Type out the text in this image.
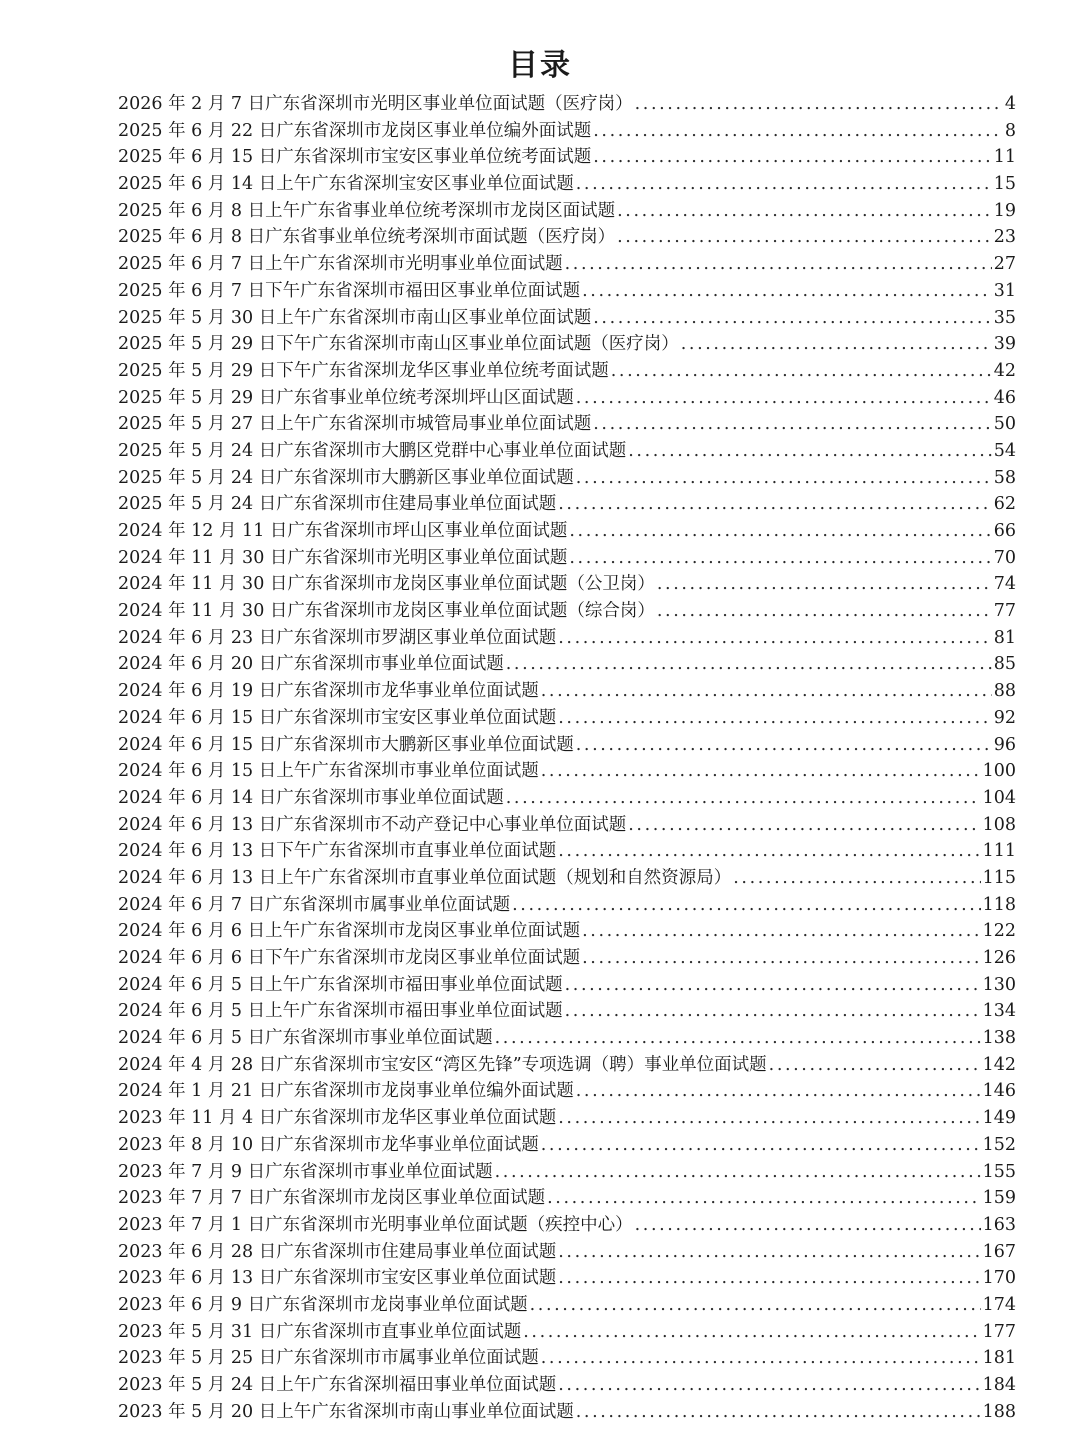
目录
2026 年 2 月 7 日广东省深圳市光明区事业单位面试题（医疗岗） .....	4
2025 年 6 月 22 日广东省深圳市龙岗区事业单位编外面试题 .....	8
2025 年 6 月 15 日广东省深圳市宝安区事业单位统考面试题 .....	11
2025 年 6 月 14 日上午广东省深圳宝安区事业单位面试题 .....	15
2025 年 6 月 8 日上午广东省事业单位统考深圳市龙岗区面试题 .....	19
2025 年 6 月 8 日广东省事业单位统考深圳市面试题（医疗岗） .....	23
2025 年 6 月 7 日上午广东省深圳市光明事业单位面试题 .....	27
2025 年 6 月 7 日下午广东省深圳市福田区事业单位面试题 .....	31
2025 年 5 月 30 日上午广东省深圳市南山区事业单位面试题 .....	35
2025 年 5 月 29 日下午广东省深圳市南山区事业单位面试题（医疗岗） .....	39
2025 年 5 月 29 日下午广东省深圳龙华区事业单位统考面试题 .....	42
2025 年 5 月 29 日广东省事业单位统考深圳坪山区面试题 .....	46
2025 年 5 月 27 日上午广东省深圳市城管局事业单位面试题 .....	50
2025 年 5 月 24 日广东省深圳市大鹏区党群中心事业单位面试题 .....	54
2025 年 5 月 24 日广东省深圳市大鹏新区事业单位面试题 .....	58
2025 年 5 月 24 日广东省深圳市住建局事业单位面试题 .....	62
2024 年 12 月 11 日广东省深圳市坪山区事业单位面试题 .....	66
2024 年 11 月 30 日广东省深圳市光明区事业单位面试题 .....	70
2024 年 11 月 30 日广东省深圳市龙岗区事业单位面试题（公卫岗） .....	74
2024 年 11 月 30 日广东省深圳市龙岗区事业单位面试题（综合岗） .....	77
2024 年 6 月 23 日广东省深圳市罗湖区事业单位面试题 .....	81
2024 年 6 月 20 日广东省深圳市事业单位面试题 .....	85
2024 年 6 月 19 日广东省深圳市龙华事业单位面试题 .....	88
2024 年 6 月 15 日广东省深圳市宝安区事业单位面试题 .....	92
2024 年 6 月 15 日广东省深圳市大鹏新区事业单位面试题 .....	96
2024 年 6 月 15 日上午广东省深圳市事业单位面试题 .....	100
2024 年 6 月 14 日广东省深圳市事业单位面试题 .....	104
2024 年 6 月 13 日广东省深圳市不动产登记中心事业单位面试题 .....	108
2024 年 6 月 13 日下午广东省深圳市直事业单位面试题 .....	111
2024 年 6 月 13 日上午广东省深圳市直事业单位面试题（规划和自然资源局） .....	115
2024 年 6 月 7 日广东省深圳市属事业单位面试题 .....	118
2024 年 6 月 6 日上午广东省深圳市龙岗区事业单位面试题 .....	122
2024 年 6 月 6 日下午广东省深圳市龙岗区事业单位面试题 .....	126
2024 年 6 月 5 日上午广东省深圳市福田事业单位面试题 .....	130
2024 年 6 月 5 日上午广东省深圳市福田事业单位面试题 .....	134
2024 年 6 月 5 日广东省深圳市事业单位面试题 .....	138
2024 年 4 月 28 日广东省深圳市宝安区“湾区先锋”专项选调（聘）事业单位面试题 .....	142
2024 年 1 月 21 日广东省深圳市龙岗事业单位编外面试题 .....	146
2023 年 11 月 4 日广东省深圳市龙华区事业单位面试题 .....	149
2023 年 8 月 10 日广东省深圳市龙华事业单位面试题 .....	152
2023 年 7 月 9 日广东省深圳市事业单位面试题 .....	155
2023 年 7 月 7 日广东省深圳市龙岗区事业单位面试题 .....	159
2023 年 7 月 1 日广东省深圳市光明事业单位面试题（疾控中心） .....	163
2023 年 6 月 28 日广东省深圳市住建局事业单位面试题 .....	167
2023 年 6 月 13 日广东省深圳市宝安区事业单位面试题 .....	170
2023 年 6 月 9 日广东省深圳市龙岗事业单位面试题 .....	174
2023 年 5 月 31 日广东省深圳市直事业单位面试题 .....	177
2023 年 5 月 25 日广东省深圳市市属事业单位面试题 .....	181
2023 年 5 月 24 日上午广东省深圳福田事业单位面试题 .....	184
2023 年 5 月 20 日上午广东省深圳市南山事业单位面试题 .....	188
